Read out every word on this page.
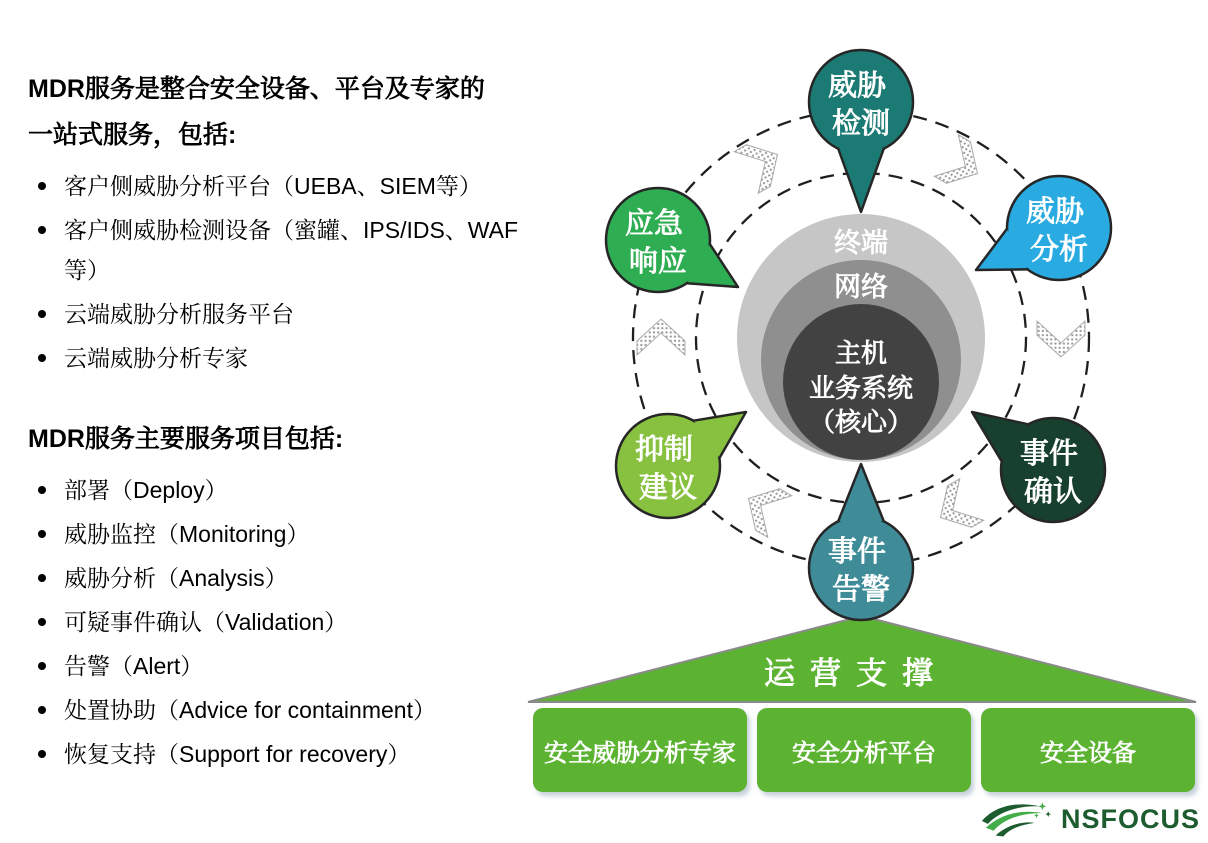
运营支撑
终端
网络
主机
业务系统
（核心）
威胁 检测
威胁 分析
事件 确认
事件 告警
抑制 建议
应急 响应
MDR服务是整合安全设备、平台及专家的
一站式服务，包括:
客户侧威胁分析平台（UEBA、SIEM等）
客户侧威胁检测设备（蜜罐、IPS/IDS、WAF等）
云端威胁分析服务平台
云端威胁分析专家
MDR服务主要服务项目包括:
部署（Deploy）
威胁监控（Monitoring）
威胁分析（Analysis）
可疑事件确认（Validation）
告警（Alert）
处置协助（Advice for containment）
恢复支持（Support for recovery）	安全威胁分析专家 安全分析平台	安全设备
NSFOCUS
